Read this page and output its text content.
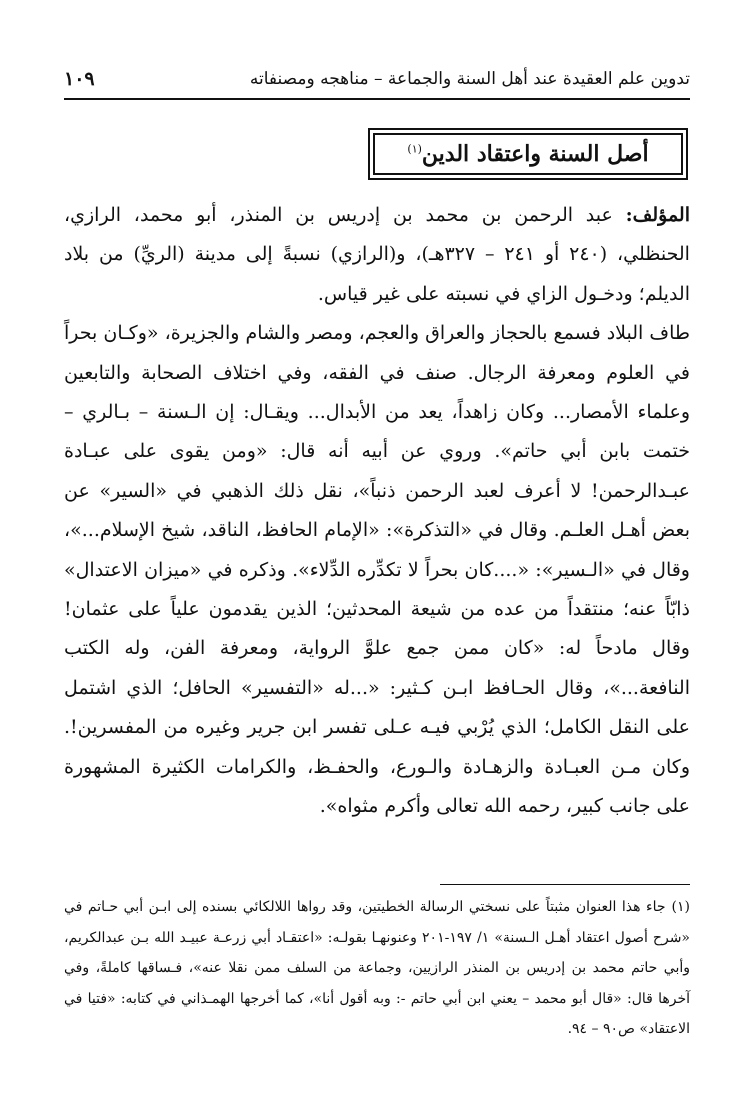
تدوين علم العقيدة عند أهل السنة والجماعة – مناهجه ومصنفاته
١٠٩
أصل السنة واعتقاد الدين$^{(١)}$

المؤلف: عبد الرحمن بن محمد بن إدريس بن المنذر، أبو محمد، الرازي، الحنظلي، (٢٤٠ أو ٢٤١ – ٣٢٧هـ)، و(الرازي) نسبةً إلى مدينة (الريِّ) من بلاد الديلم؛ ودخـول الزاي في نسبته على غير قياس.

طاف البلاد فسمع بالحجاز والعراق والعجم، ومصر والشام والجزيرة، «وكـان بحراً في العلوم ومعرفة الرجال. صنف في الفقه، وفي اختلاف الصحابة والتابعين وعلماء الأمصار... وكان زاهداً، يعد من الأبدال... ويقـال: إن الـسنة – بـالري – ختمت بابن أبي حاتم». وروي عن أبيه أنه قال: «ومن يقوى على عبـادة عبـدالرحمن! لا أعرف لعبد الرحمن ذنباً»، نقل ذلك الذهبي في «السير» عن بعض أهـل العلـم. وقال في «التذكرة»: «الإمام الحافظ، الناقد، شيخ الإسلام...»، وقال في «الـسير»: «....كان بحراً لا تكدِّره الدِّلاء». وذكره في «ميزان الاعتدال» ذابّاً عنه؛ منتقداً من عده من شيعة المحدثين؛ الذين يقدمون علياً على عثمان! وقال مادحاً له: «كان ممن جمع علوَّ الرواية، ومعرفة الفن، وله الكتب النافعة...»، وقال الحـافظ ابـن كـثير: «...له «التفسير» الحافل؛ الذي اشتمل على النقل الكامل؛ الذي يُرْبي فيـه عـلى تفسر ابن جرير وغيره من المفسرين!. وكان مـن العبـادة والزهـادة والـورع، والحفـظ، والكرامات الكثيرة المشهورة على جانب كبير، رحمه الله تعالى وأكرم مثواه».

(١)جاء هذا العنوان مثبتاً على نسختي الرسالة الخطيتين، وقد رواها اللالكائي بسنده إلى ابـن أبي حـاتم في «شرح أصول اعتقاد أهـل الـسنة» ١/ ١٩٧-٢٠١ وعنونهـا بقولـه: «اعتقـاد أبي زرعـة عبيـد الله بـن عبدالكريم، وأبي حاتم محمد بن إدريس بن المنذر الرازيين، وجماعة من السلف ممن نقلا عنه»، فـساقها كاملةً، وفي آخرها قال: «قال أبو محمد – يعني ابن أبي حاتم -: وبه أقول أنا»، كما أخرجها الهمـذاني في كتابه: «فتيا في الاعتقاد» ص٩٠ – ٩٤.
